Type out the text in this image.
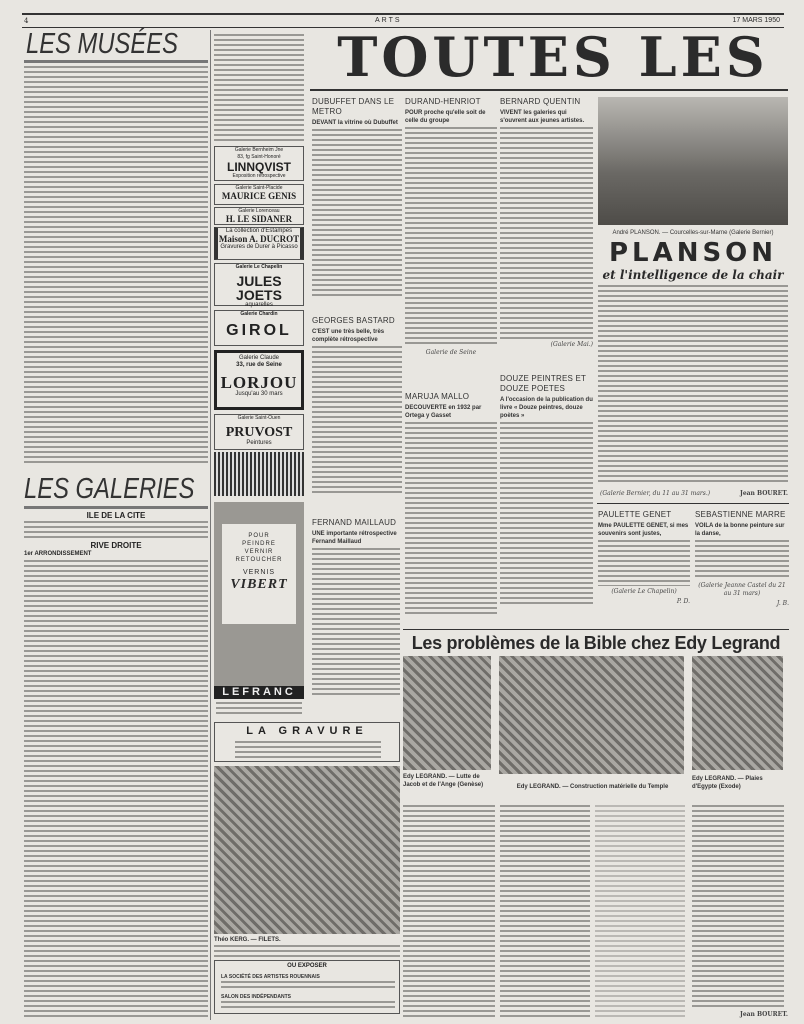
4	ARTS	17 MARS 1950
LES MUSÉES
LES GALERIES
ILE DE LA CITE
RIVE DROITE
1er ARRONDISSEMENT
Galerie Bernheim Jne
83, fg Saint-Honoré
LINNQVIST
Exposition rétrospective
Galerie Saint-Placide
MAURICE GENIS
Galerie Lorenceau
H. LE SIDANER
La collection d'Estampes
Maison A. DUCROT
Gravures de Durer à Picasso
Galerie Le Chapelin
JULES JOETS
aquarelles
Galerie Chardin
GIROL
Galerie Claude
33, rue de Seine
LORJOU
Jusqu'au 30 mars
Galerie Saint-Ouen
PRUVOST
Peintures
POUR
PEINDRE
VERNIR
RETOUCHER
VERNIS
VIBERT
LEFRANC
LA GRAVURE
Théo KERG. — FILETS.
OU EXPOSER
LA SOCIÉTÉ DES ARTISTES ROUENNAIS
SALON DES INDÉPENDANTS
TOUTES LES
DUBUFFET DANS LE METRO
DEVANT la vitrine où Dubuffet
GEORGES BASTARD
C'EST une très belle, très complète rétrospective
FERNAND MAILLAUD
UNE importante rétrospective Fernand Maillaud
DURAND-HENRIOT
POUR proche qu'elle soit de celle du groupe
Galerie de Seine
MARUJA MALLO
DECOUVERTE en 1932 par Ortega y Gasset
BERNARD QUENTIN
VIVENT les galeries qui s'ouvrent aux jeunes artistes.
(Galerie Mai.)
DOUZE PEINTRES ET DOUZE POETES
A l'occasion de la publication du livre « Douze peintres, douze poètes »
André PLANSON. — Courcelles-sur-Marne (Galerie Bernier)
PLANSON
et l'intelligence de la chair
(Galerie Bernier, du 11 au 31 mars.)	Jean BOURET.
PAULETTE GENET
Mme PAULETTE GENET, si mes souvenirs sont justes,
(Galerie Le Chapelin)
P. D.
SEBASTIENNE MARRE
VOILA de la bonne peinture sur la danse,
(Galerie Jeanne Castel du 21 au 31 mars)
J. B.
Les problèmes de la Bible chez Edy Legrand
Edy LEGRAND. — Lutte de Jacob et de l'Ange (Genèse)	Edy LEGRAND. — Construction matérielle du Temple
Edy LEGRAND. — Plaies d'Egypte (Exode)
Jean BOURET.
